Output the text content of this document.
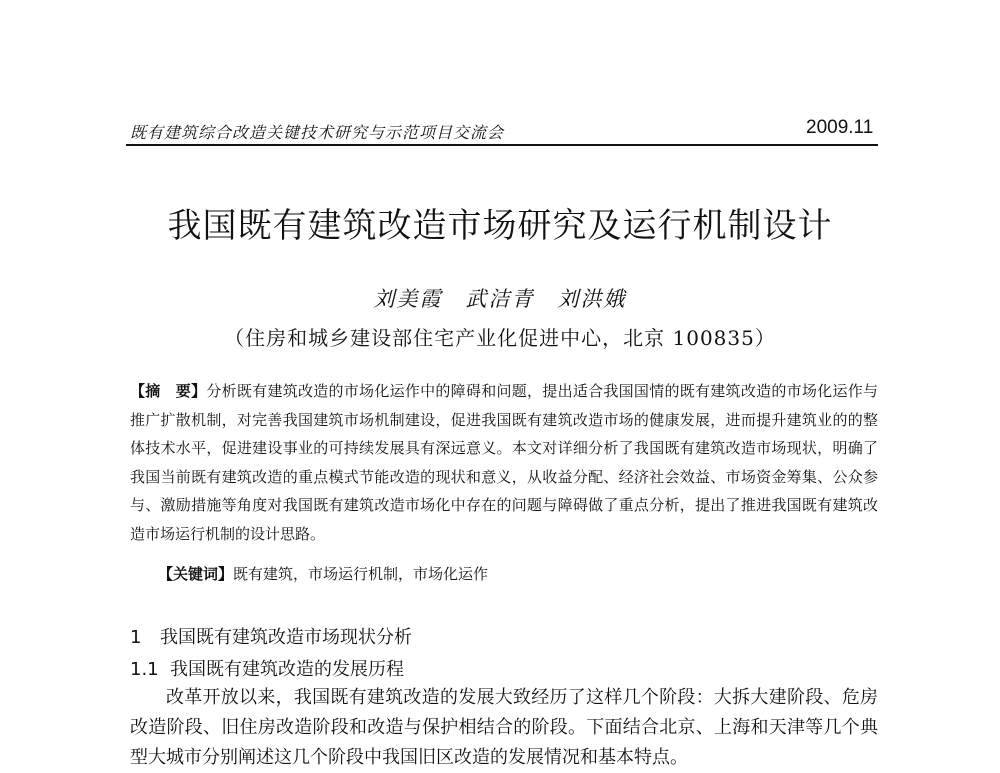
既有建筑综合改造关键技术研究与示范项目交流会	2009.11
我国既有建筑改造市场研究及运行机制设计
刘美霞　武洁青　刘洪娥
（住房和城乡建设部住宅产业化促进中心，北京 100835）
【摘　要】分析既有建筑改造的市场化运作中的障碍和问题，提出适合我国国情的既有建筑改造的市场化运作与推广扩散机制，对完善我国建筑市场机制建设，促进我国既有建筑改造市场的健康发展，进而提升建筑业的的整体技术水平，促进建设事业的可持续发展具有深远意义。本文对详细分析了我国既有建筑改造市场现状，明确了我国当前既有建筑改造的重点模式节能改造的现状和意义，从收益分配、经济社会效益、市场资金筹集、公众参与、激励措施等角度对我国既有建筑改造市场化中存在的问题与障碍做了重点分析，提出了推进我国既有建筑改造市场运行机制的设计思路。
【关键词】既有建筑，市场运行机制，市场化运作
1 我国既有建筑改造市场现状分析
1.1 我国既有建筑改造的发展历程
改革开放以来，我国既有建筑改造的发展大致经历了这样几个阶段：大拆大建阶段、危房改造阶段、旧住房改造阶段和改造与保护相结合的阶段。下面结合北京、上海和天津等几个典型大城市分别阐述这几个阶段中我国旧区改造的发展情况和基本特点。
